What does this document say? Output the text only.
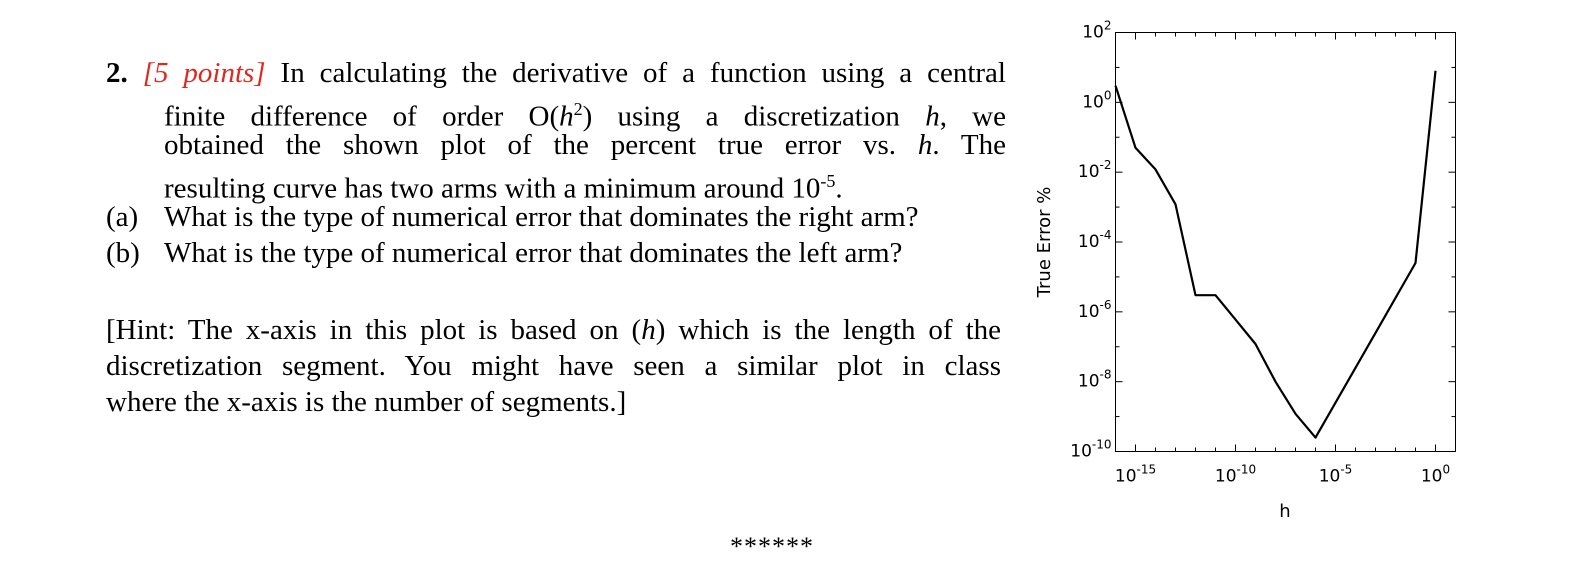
2. [5 points] In calculating the derivative of a function using a central
finite difference of order $O(h^2)$ using a discretization h, we
obtained the shown plot of the percent true error vs. h. The
resulting curve has two arms with a minimum around $10^{-5}$.
(a) What is the type of numerical error that dominates the right arm?
(b) What is the type of numerical error that dominates the left arm?
[Hint: The x-axis in this plot is based on (h) which is the length of the
discretization segment. You might have seen a similar plot in class
where the x-axis is the number of segments.]
******
$10^2$
$10^0$
$10^{-2}$
$10^{-4}$
$10^{-6}$
$10^{-8}$
$10^{-10}$
$10^{-15}$	$10^{-10}$	$10^{-5}$	$10^0$
True Error %
h
